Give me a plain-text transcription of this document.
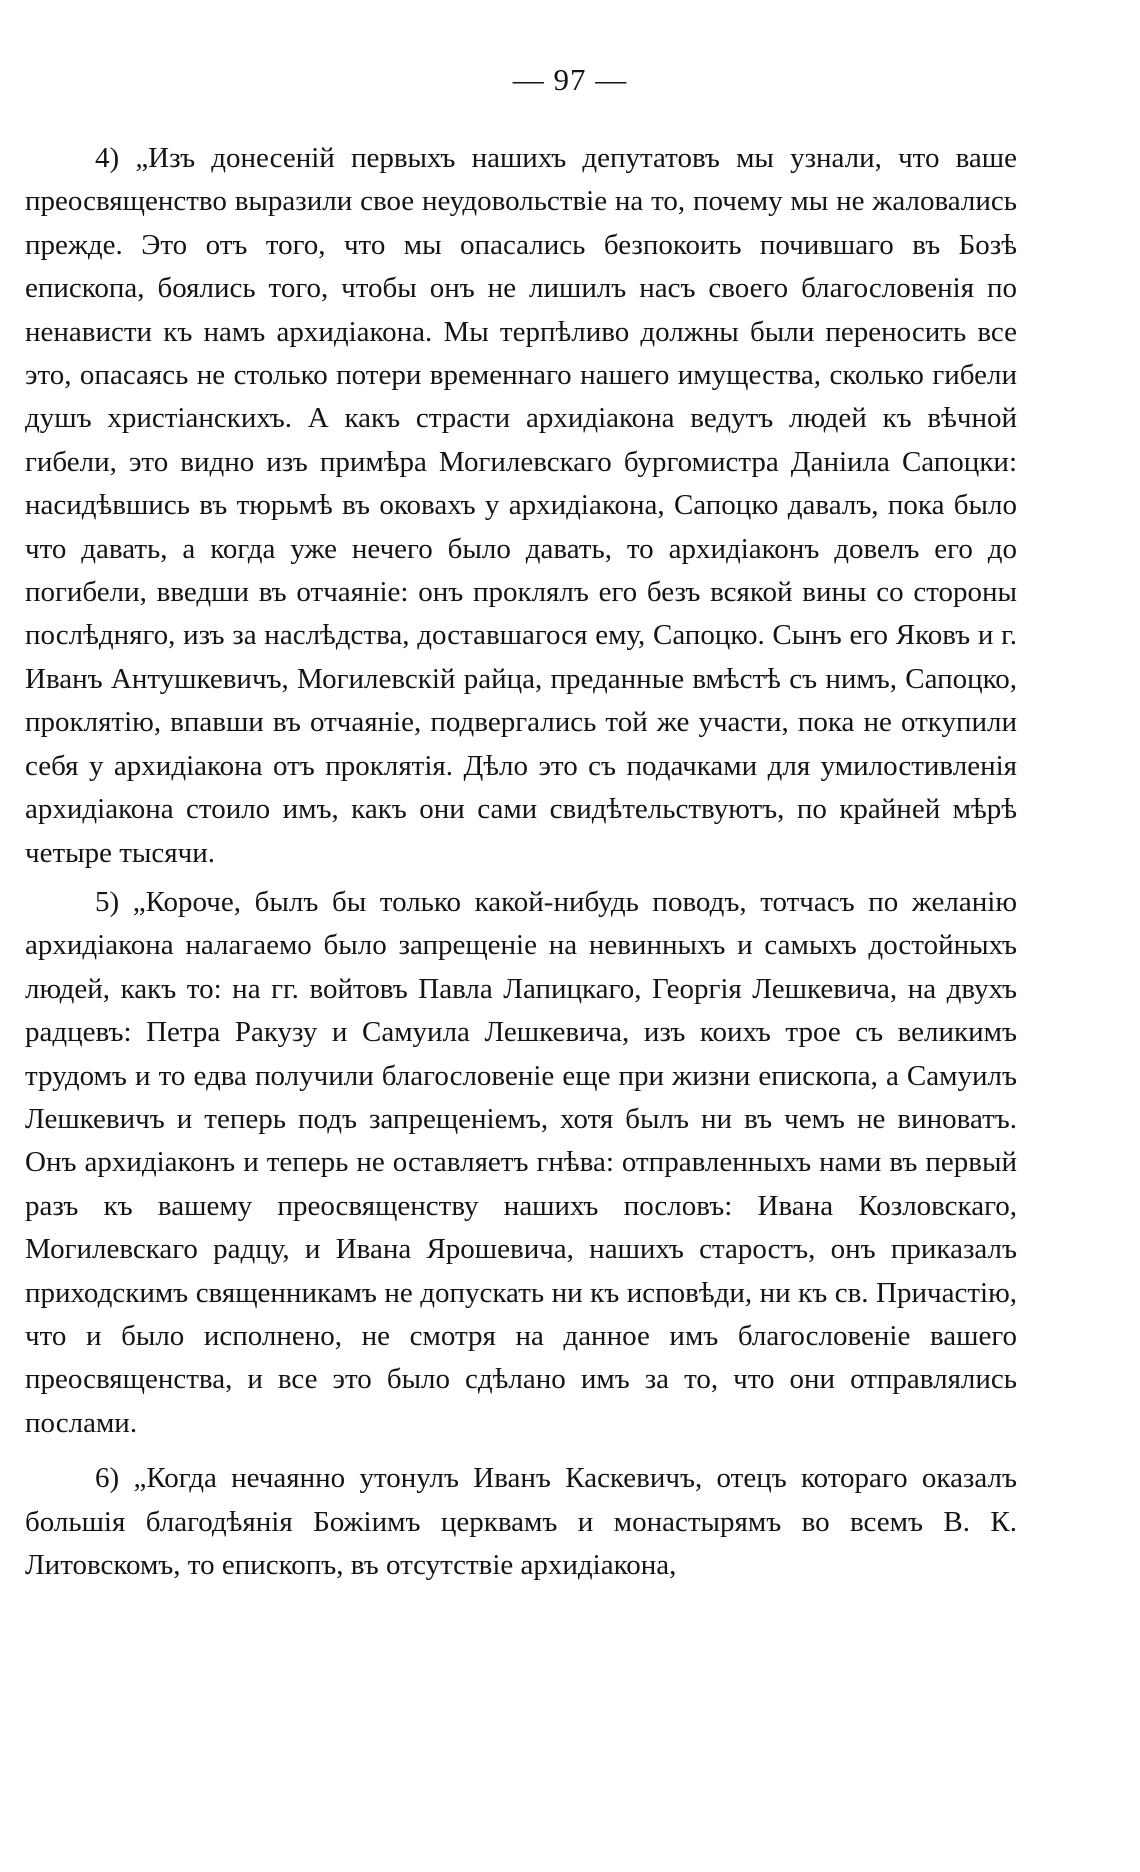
— 97 —

4) „Изъ донесеній первыхъ нашихъ депутатовъ мы узнали, что ваше преосвященство выразили свое неудовольствіе на то, почему мы не жаловались прежде. Это отъ того, что мы опасались безпокоить почившаго въ Бозѣ епископа, боялись того, чтобы онъ не лишилъ насъ своего благословенія по ненависти къ намъ архидіакона. Мы терпѣливо должны были переносить все это, опасаясь не столько потери временнаго нашего имущества, сколько гибели душъ христіанскихъ. А какъ страсти архидіакона ведутъ людей къ вѣчной гибели, это видно изъ примѣра Могилевскаго бургомистра Даніила Сапоцки: насидѣвшись въ тюрьмѣ въ оковахъ у архидіакона, Сапоцко давалъ, пока было что давать, а когда уже нечего было давать, то архидіаконъ довелъ его до погибели, введши въ отчаяніе: онъ проклялъ его безъ всякой вины со стороны послѣдняго, изъ за наслѣдства, доставшагося ему, Сапоцко. Сынъ его Яковъ и г. Иванъ Антушкевичъ, Могилевскій райца, преданные вмѣстѣ съ нимъ, Сапоцко, проклятію, впавши въ отчаяніе, подвергались той же участи, пока не откупили себя у архидіакона отъ проклятія. Дѣло это съ подачками для умилостивленія архидіакона стоило имъ, какъ они сами свидѣтельствуютъ, по крайней мѣрѣ четыре тысячи.

5) „Короче, былъ бы только какой-нибудь поводъ, тотчасъ по желанію архидіакона налагаемо было запрещеніе на невинныхъ и самыхъ достойныхъ людей, какъ то: на гг. войтовъ Павла Лапицкаго, Георгія Лешкевича, на двухъ радцевъ: Петра Ракузу и Самуила Лешкевича, изъ коихъ трое съ великимъ трудомъ и то едва получили благословеніе еще при жизни епископа, а Самуилъ Лешкевичъ и теперь подъ запрещеніемъ, хотя былъ ни въ чемъ не виноватъ. Онъ архидіаконъ и теперь не оставляетъ гнѣва: отправленныхъ нами въ первый разъ къ вашему преосвященству нашихъ пословъ: Ивана Козловскаго, Могилевскаго радцу, и Ивана Ярошевича, нашихъ старостъ, онъ приказалъ приходскимъ священникамъ не допускать ни къ исповѣди, ни къ св. Причастію, что и было исполнено, не смотря на данное имъ благословеніе вашего преосвященства, и все это было сдѣлано имъ за то, что они отправлялись послами.

6) „Когда нечаянно утонулъ Иванъ Каскевичъ, отецъ котораго оказалъ большія благодѣянія Божіимъ церквамъ и монастырямъ во всемъ В. К. Литовскомъ, то епископъ, въ отсутствіе архидіакона,
